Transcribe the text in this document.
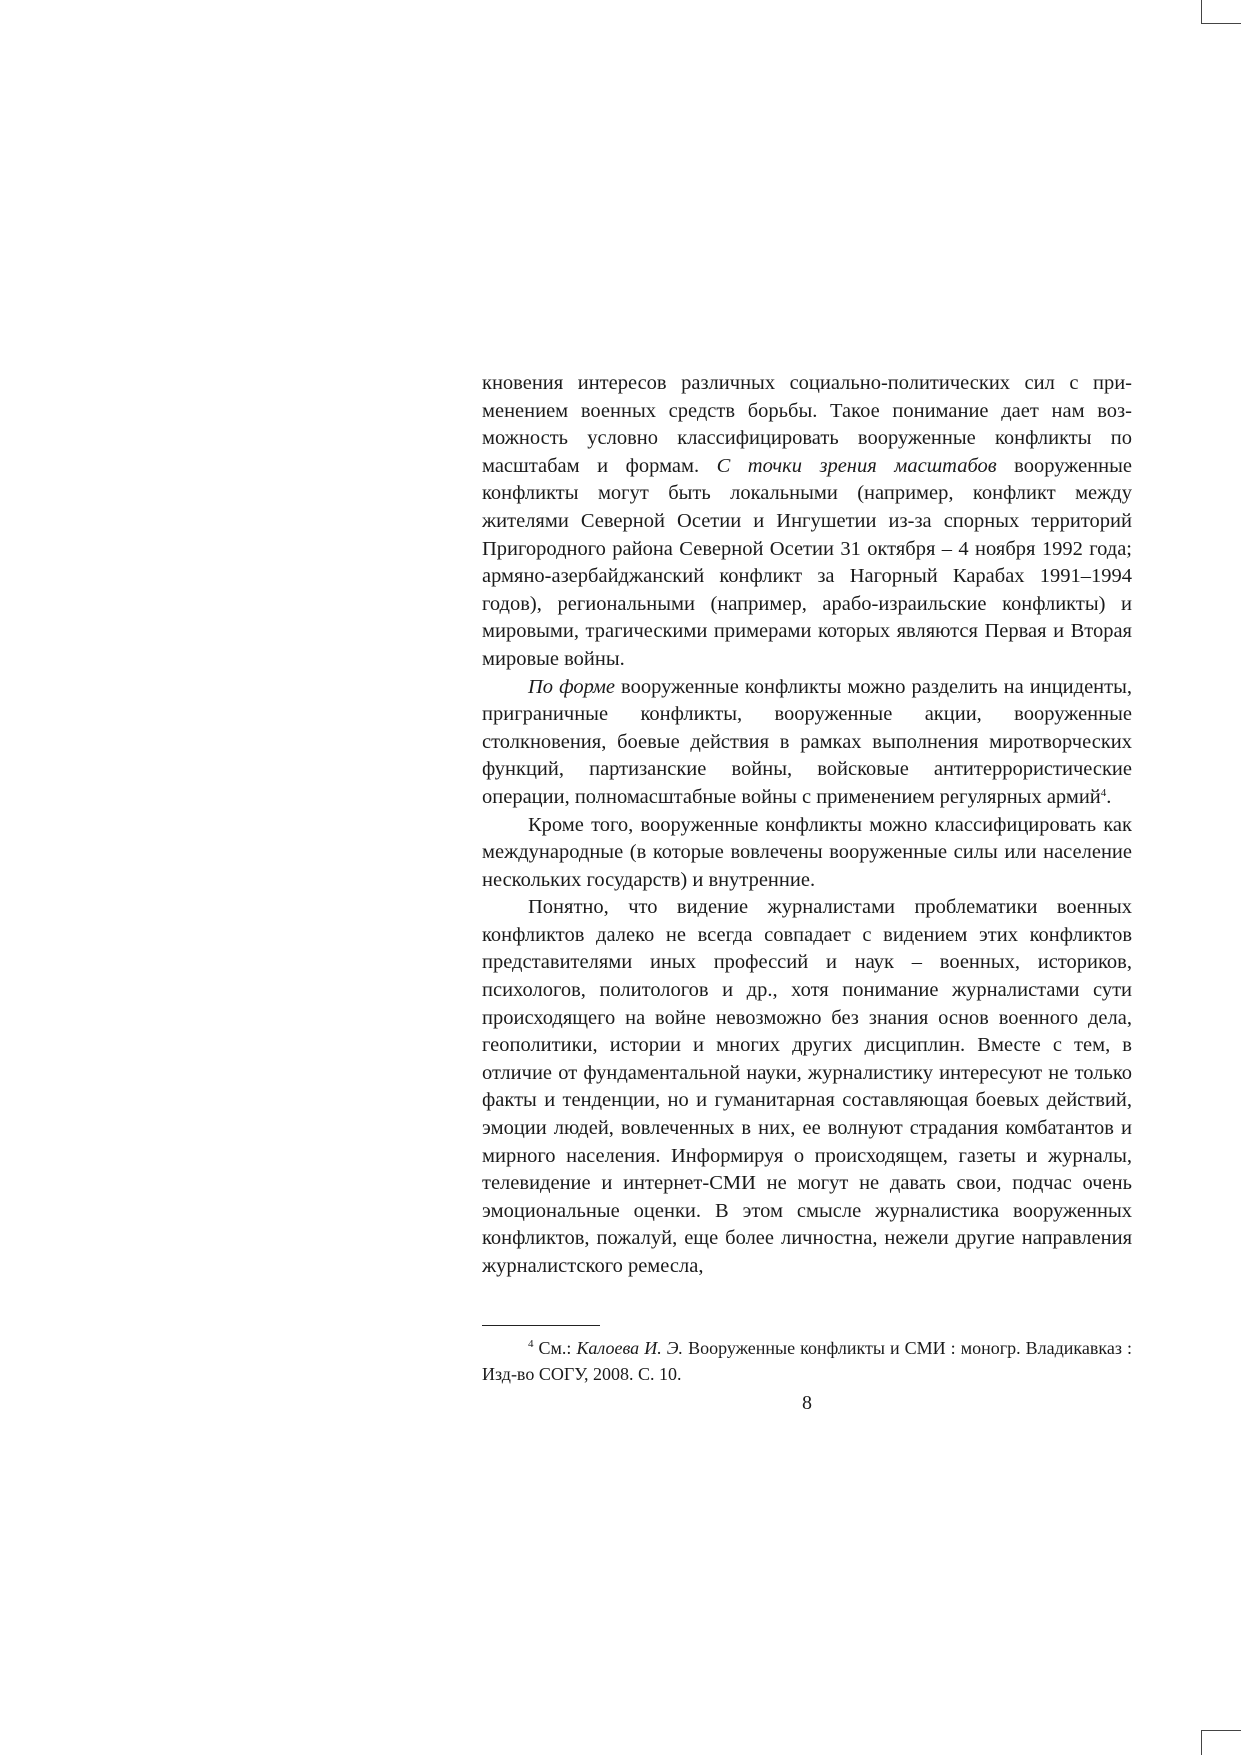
кновения интересов различных социально-политических сил с применением военных средств борьбы. Такое понимание дает нам возможность условно классифицировать вооруженные конфликты по масштабам и формам. С точки зрения масштабов вооруженные конфликты могут быть локальными (например, конфликт между жителями Северной Осетии и Ингушетии из-за спорных территорий Пригородного района Северной Осетии 31 октября – 4 ноября 1992 года; армяно-азербайджанский конфликт за Нагорный Карабах 1991–1994 годов), региональными (например, арабо-израильские конфликты) и мировыми, трагическими примерами которых являются Первая и Вторая мировые войны.

По форме вооруженные конфликты можно разделить на инциденты, приграничные конфликты, вооруженные акции, вооруженные столкновения, боевые действия в рамках выполнения миротворческих функций, партизанские войны, войсковые антитеррористические операции, полномасштабные войны с применением регулярных армий$^4$.

Кроме того, вооруженные конфликты можно классифицировать как международные (в которые вовлечены вооруженные силы или население нескольких государств) и внутренние.

Понятно, что видение журналистами проблематики военных конфликтов далеко не всегда совпадает с видением этих конфликтов представителями иных профессий и наук – военных, историков, психологов, политологов и др., хотя понимание журналистами сути происходящего на войне невозможно без знания основ военного дела, геополитики, истории и многих других дисциплин. Вместе с тем, в отличие от фундаментальной науки, журналистику интересуют не только факты и тенденции, но и гуманитарная составляющая боевых действий, эмоции людей, вовлеченных в них, ее волнуют страдания комбатантов и мирного населения. Информируя о происходящем, газеты и журналы, телевидение и интернет-СМИ не могут не давать свои, подчас очень эмоциональные оценки. В этом смысле журналистика вооруженных конфликтов, пожалуй, еще более личностна, нежели другие направления журналистского ремесла,

$^4$ См.: Калоева И. Э. Вооруженные конфликты и СМИ : моногр. Владикавказ : Изд-во СОГУ, 2008. С. 10.
8
